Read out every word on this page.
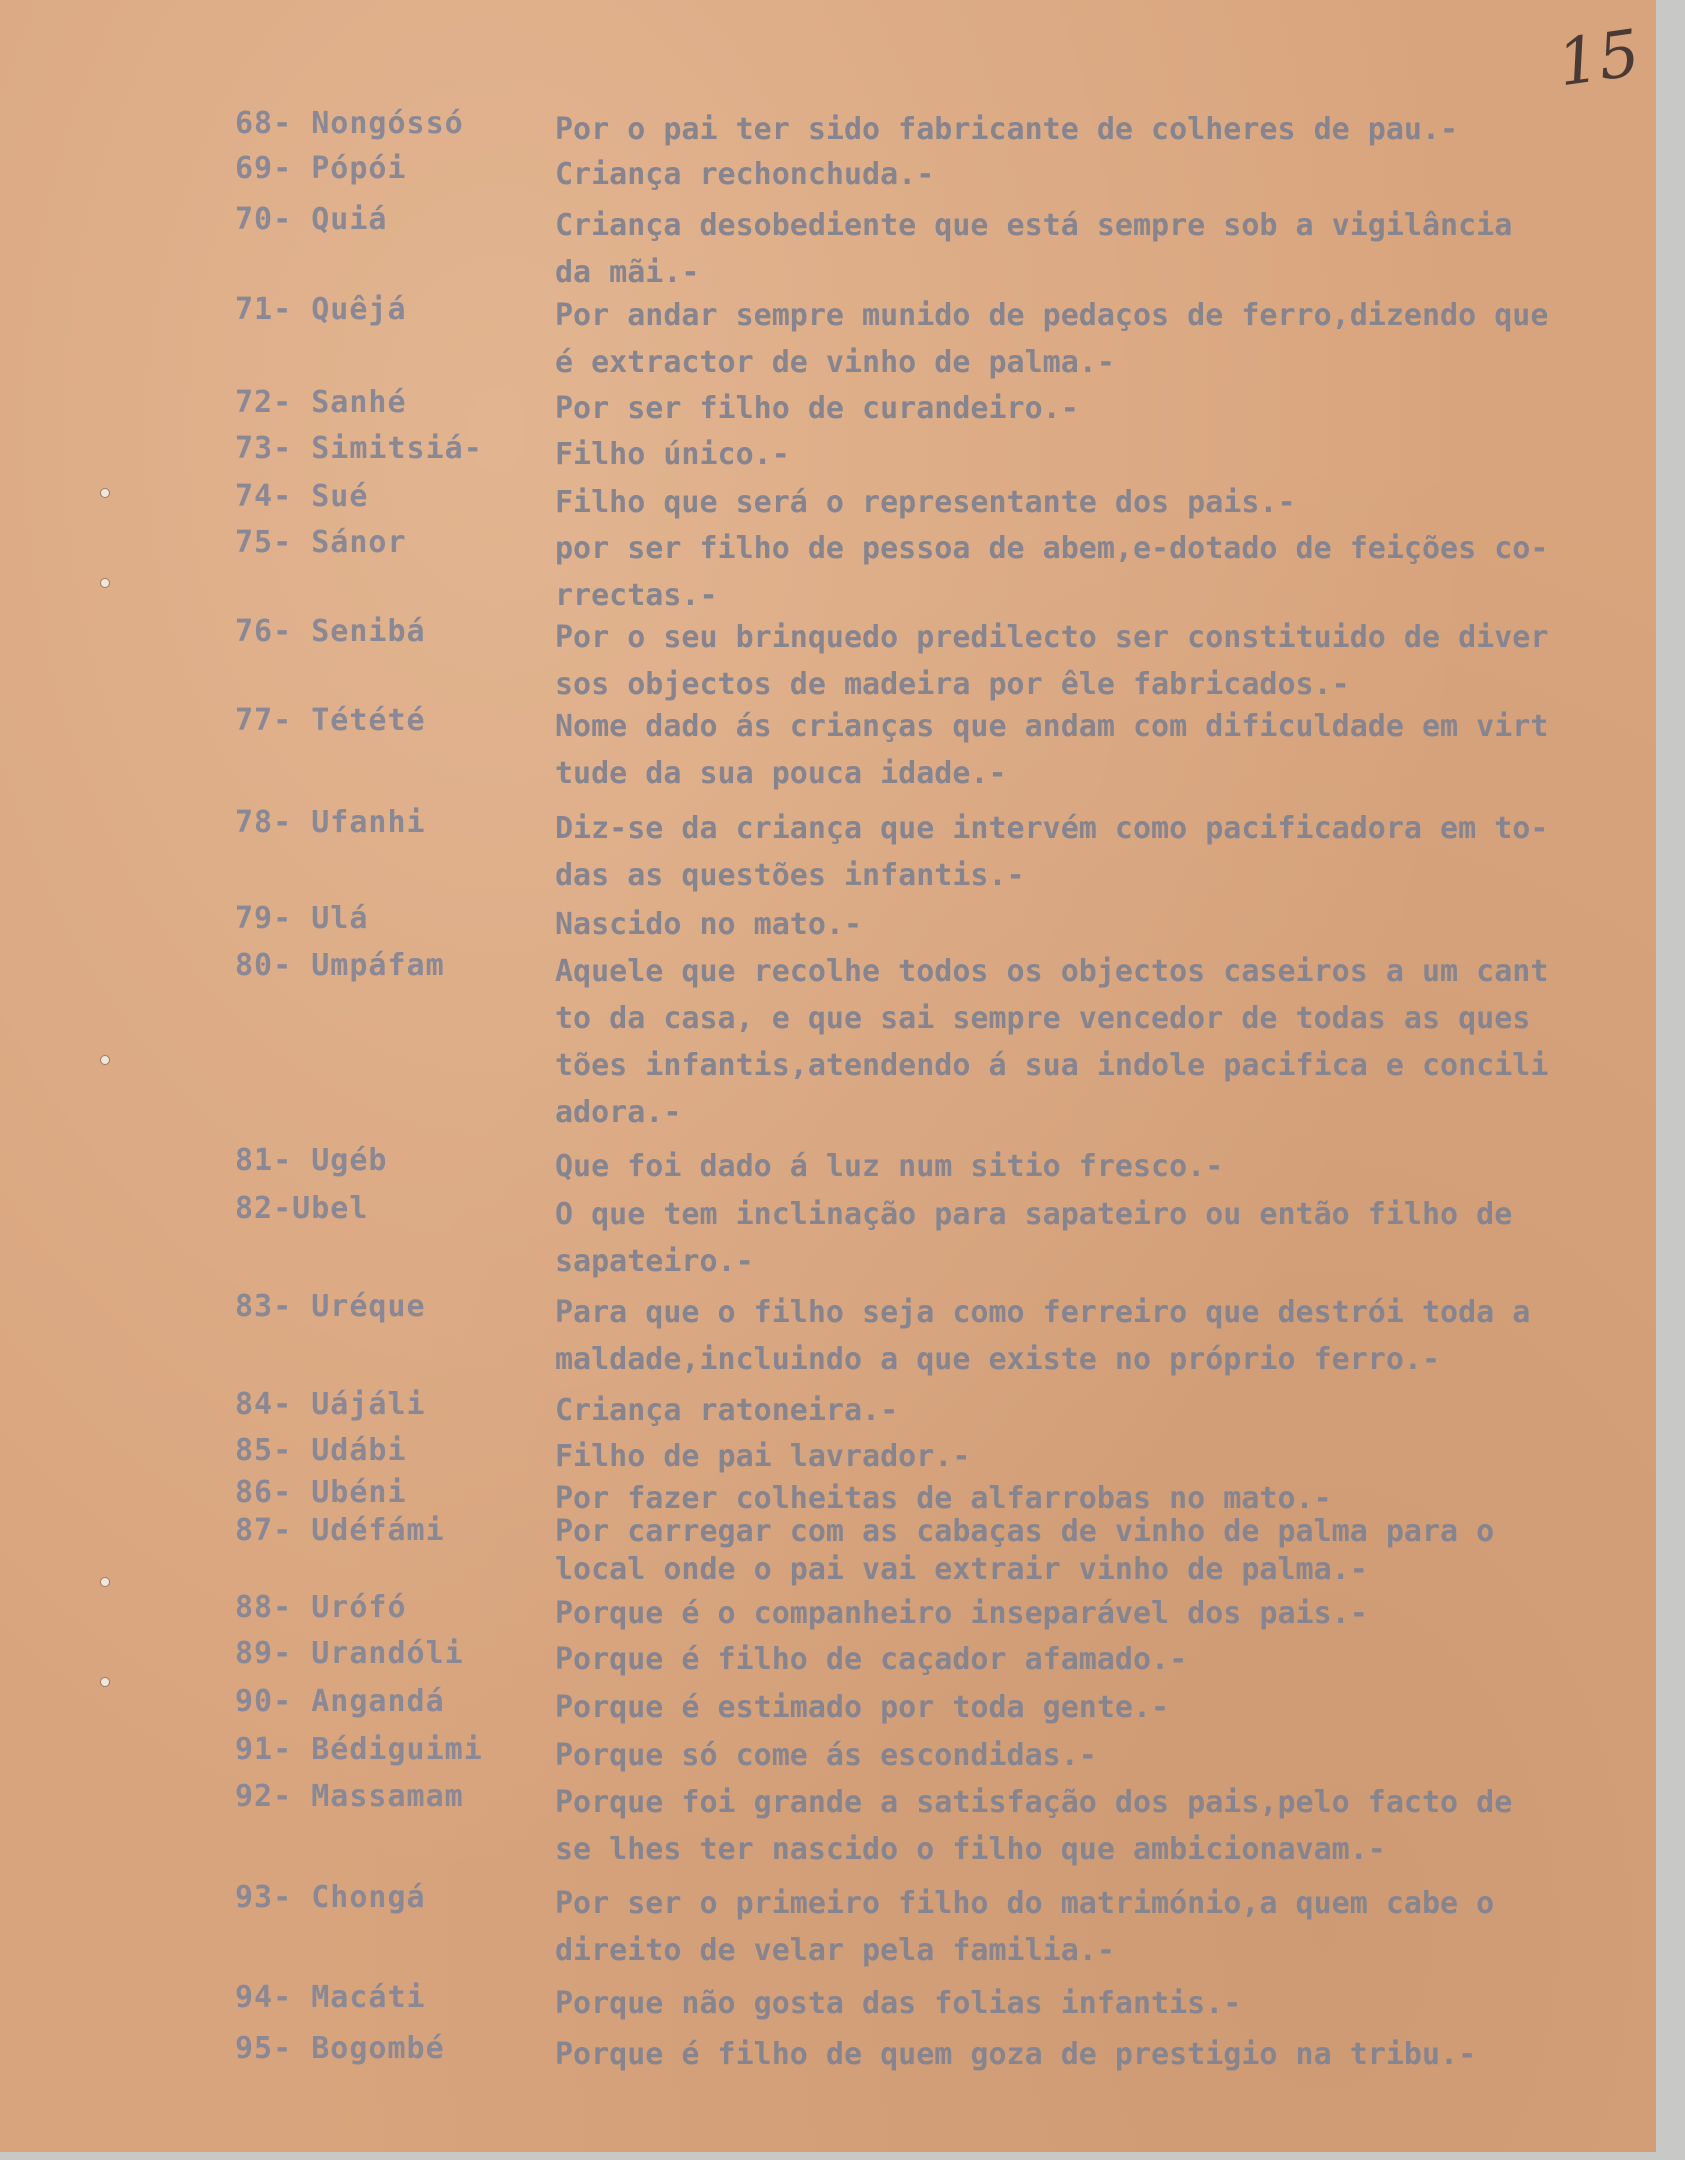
15
68- Nongóssó	Por o pai ter sido fabricante de colheres de pau.-
69- Pópói	Criança rechonchuda.-
70- Quiá	Criança desobediente que está sempre sob a vigilância
da mãi.-
71- Quêjá	Por andar sempre munido de pedaços de ferro,dizendo que
é extractor de vinho de palma.-
72- Sanhé	Por ser filho de curandeiro.-
73- Simitsiá-	Filho único.-
74- Sué	Filho que será o representante dos pais.-
75- Sánor	por ser filho de pessoa de abem,e-dotado de feições co-
rrectas.-
76- Senibá	Por o seu brinquedo predilecto ser constituido de diver
sos objectos de madeira por êle fabricados.-
77- Tétété	Nome dado ás crianças que andam com dificuldade em virt
tude da sua pouca idade.-
78- Ufanhi	Diz-se da criança que intervém como pacificadora em to-
das as questões infantis.-
79- Ulá	Nascido no mato.-
80- Umpáfam	Aquele que recolhe todos os objectos caseiros a um cant
to da casa, e que sai sempre vencedor de todas as ques
tões infantis,atendendo á sua indole pacifica e concili
adora.-
81- Ugéb	Que foi dado á luz num sitio fresco.-
82-Ubel	O que tem inclinação para sapateiro ou então filho de
sapateiro.-
83- Uréque	Para que o filho seja como ferreiro que destrói toda a
maldade,incluindo a que existe no próprio ferro.-
84- Uájáli	Criança ratoneira.-
85- Udábi	Filho de pai lavrador.-
86- Ubéni	Por fazer colheitas de alfarrobas no mato.-
87- Udéfámi	Por carregar com as cabaças de vinho de palma para o
local onde o pai vai extrair vinho de palma.-
88- Urófó	Porque é o companheiro inseparável dos pais.-
89- Urandóli	Porque é filho de caçador afamado.-
90- Angandá	Porque é estimado por toda gente.-
91- Bédiguimi	Porque só come ás escondidas.-
92- Massamam	Porque foi grande a satisfação dos pais,pelo facto de
se lhes ter nascido o filho que ambicionavam.-
93- Chongá	Por ser o primeiro filho do matrimónio,a quem cabe o
direito de velar pela familia.-
94- Macáti	Porque não gosta das folias infantis.-
95- Bogombé	Porque é filho de quem goza de prestigio na tribu.-
